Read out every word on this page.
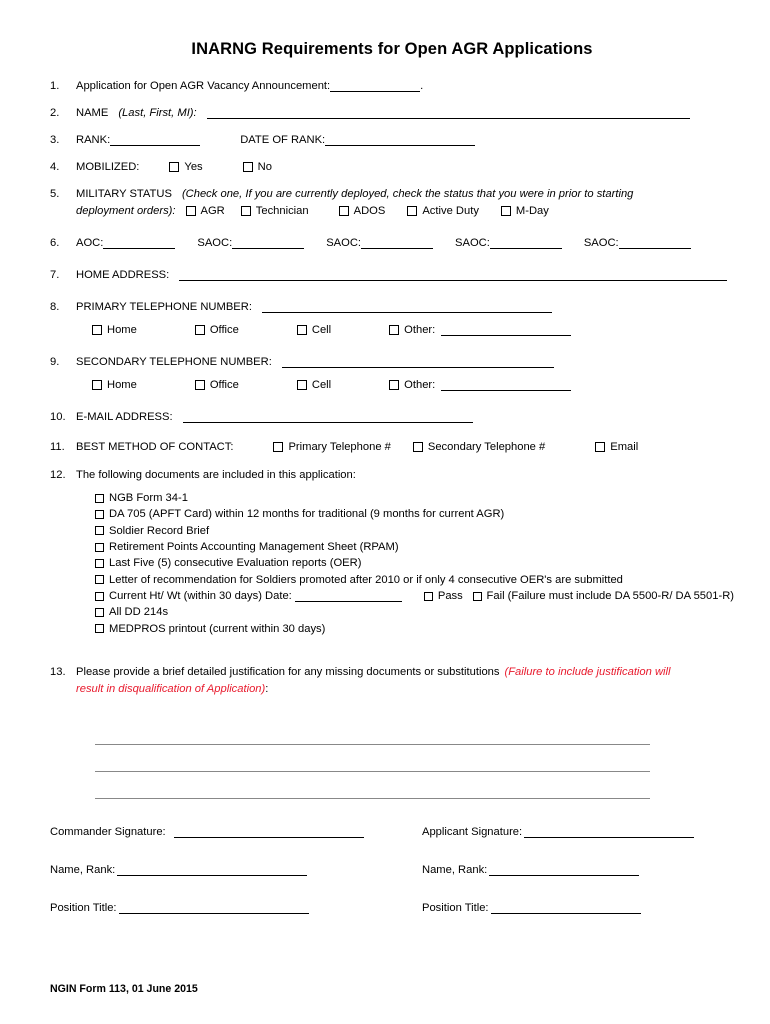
INARNG Requirements for Open AGR Applications
1.	Application for Open AGR Vacancy Announcement:	.
2.	NAME (Last, First, MI):
3.	RANK:	DATE OF RANK:
4.	MOBILIZED:	Yes	No
5.	MILITARY STATUS (Check one, If you are currently deployed, check the status that you were in prior to starting
deployment orders): AGR	Technician	ADOS	Active Duty	M-Day
6.	AOC:	SAOC:	SAOC:	SAOC:	SAOC:
7.	HOME ADDRESS:
8.	PRIMARY TELEPHONE NUMBER:
Home	Office	Cell	Other:
9.	SECONDARY TELEPHONE NUMBER:
Home	Office	Cell	Other:
10. E-MAIL ADDRESS:
11.	BEST METHOD OF CONTACT:	Primary Telephone #	Secondary Telephone #	Email
12. The following documents are included in this application:
NGB Form 34-1
DA 705 (APFT Card) within 12 months for traditional (9 months for current AGR)
Soldier Record Brief
Retirement Points Accounting Management Sheet (RPAM)
Last Five (5) consecutive Evaluation reports (OER)
Letter of recommendation for Soldiers promoted after 2010 or if only 4 consecutive OER's are submitted
Current Ht/ Wt (within 30 days) Date:	Pass Fail (Failure must include DA 5500-R/ DA 5501-R)
All DD 214s
MEDPROS printout (current within 30 days)
13. Please provide a brief detailed justification for any missing documents or substitutions (Failure to include justification will
result in disqualification of Application) :
Commander Signature:	Applicant Signature:
Name, Rank:	Name, Rank:
Position Title:	Position Title:
NGIN Form 113, 01 June 2015
